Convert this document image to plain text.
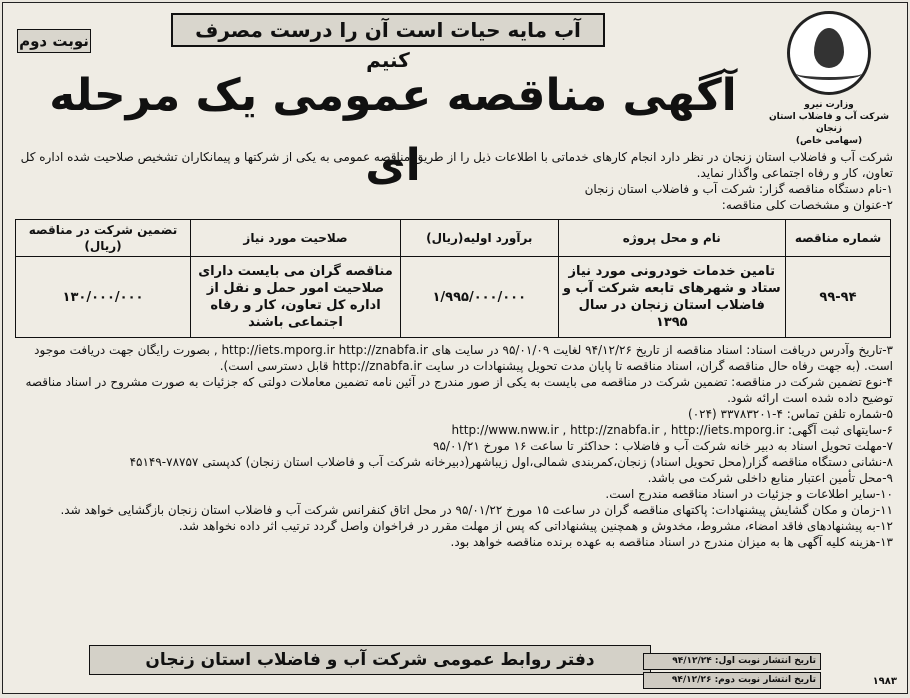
وزارت نیرو
شرکت آب و فاضلاب استان زنجان
(سهامی خاص)
آب مایه حیات است آن را درست مصرف کنیم
نوبت دوم
آگهی مناقصه عمومی یک مرحله ای

شرکت آب و فاضلاب استان زنجان در نظر دارد انجام کارهای خدماتی با اطلاعات ذیل را از طریق مناقصه عمومی به یکی از شرکتها و پیمانکاران تشخیص صلاحیت شده اداره کل تعاون، کار و رفاه اجتماعی واگذار نماید.

۱-نام دستگاه مناقصه گزار: شرکت آب و فاضلاب استان زنجان

۲-عنوان و مشخصات کلی مناقصه:

شماره مناقصه	نام و محل پروژه	برآورد اولیه(ریال)	صلاحیت مورد نیاز	تضمین شرکت در مناقصه (ریال)
۹۹-۹۴	تامین خدمات خودرونی مورد نیاز ستاد و شهرهای تابعه شرکت آب و فاضلاب استان زنجان در سال ۱۳۹۵	۱/۹۹۵/۰۰۰/۰۰۰	مناقصه گران می بایست دارای صلاحیت امور حمل و نقل از اداره کل تعاون، کار و رفاه اجتماعی باشند	۱۳۰/۰۰۰/۰۰۰

۳-تاریخ وآدرس دریافت اسناد: اسناد مناقصه از تاریخ ۹۴/۱۲/۲۶ لغایت ۹۵/۰۱/۰۹ در سایت های http://iets.mporg.ir http://znabfa.ir , بصورت رایگان جهت دریافت موجود است. (به جهت رفاه حال مناقصه گران، اسناد مناقصه تا پایان مدت تحویل پیشنهادات در سایت http://znabfa.ir قابل دسترسی است).

۴-نوع تضمین شرکت در مناقصه: تضمین شرکت در مناقصه می بایست به یکی از صور مندرج در آئین نامه تضمین معاملات دولتی که جزئیات به صورت مشروح در اسناد مناقصه توضیح داده شده است ارائه شود.

۵-شماره تلفن تماس: ۴-۳۳۷۸۳۲۰۱ (۰۲۴)

۶-سایتهای ثبت آگهی: http://www.nww.ir , http://znabfa.ir , http://iets.mporg.ir

۷-مهلت تحویل اسناد به دبیر خانه شرکت آب و فاضلاب : حداکثر تا ساعت ۱۶ مورخ ۹۵/۰۱/۲۱

۸-نشانی دستگاه مناقصه گزار(محل تحویل اسناد) زنجان،کمربندی شمالی،اول زیباشهر(دبیرخانه شرکت آب و فاضلاب استان زنجان) کدپستی ۷۸۷۵۷-۴۵۱۴۹

۹-محل تأمین اعتبار منابع داخلی شرکت می باشد.

۱۰-سایر اطلاعات و جزئیات در اسناد مناقصه مندرج است.

۱۱-زمان و مکان گشایش پیشنهادات: پاکتهای مناقصه گران در ساعت ۱۵ مورخ ۹۵/۰۱/۲۲ در محل اتاق کنفرانس شرکت آب و فاضلاب استان زنجان بازگشایی خواهد شد.

۱۲-به پیشنهادهای فاقد امضاء، مشروط، مخدوش و همچنین پیشنهاداتی که پس از مهلت مقرر در فراخوان واصل گردد ترتیب اثر داده نخواهد شد.

۱۳-هزینه کلیه آگهی ها به میزان مندرج در اسناد مناقصه به عهده برنده مناقصه خواهد بود.

دفتر روابط عمومی شرکت آب و فاضلاب استان زنجان	تاریخ انتشار نوبت اول: ۹۴/۱۲/۲۴
تاریخ انتشار نوبت دوم: ۹۴/۱۲/۲۶	۱۹۸۳
